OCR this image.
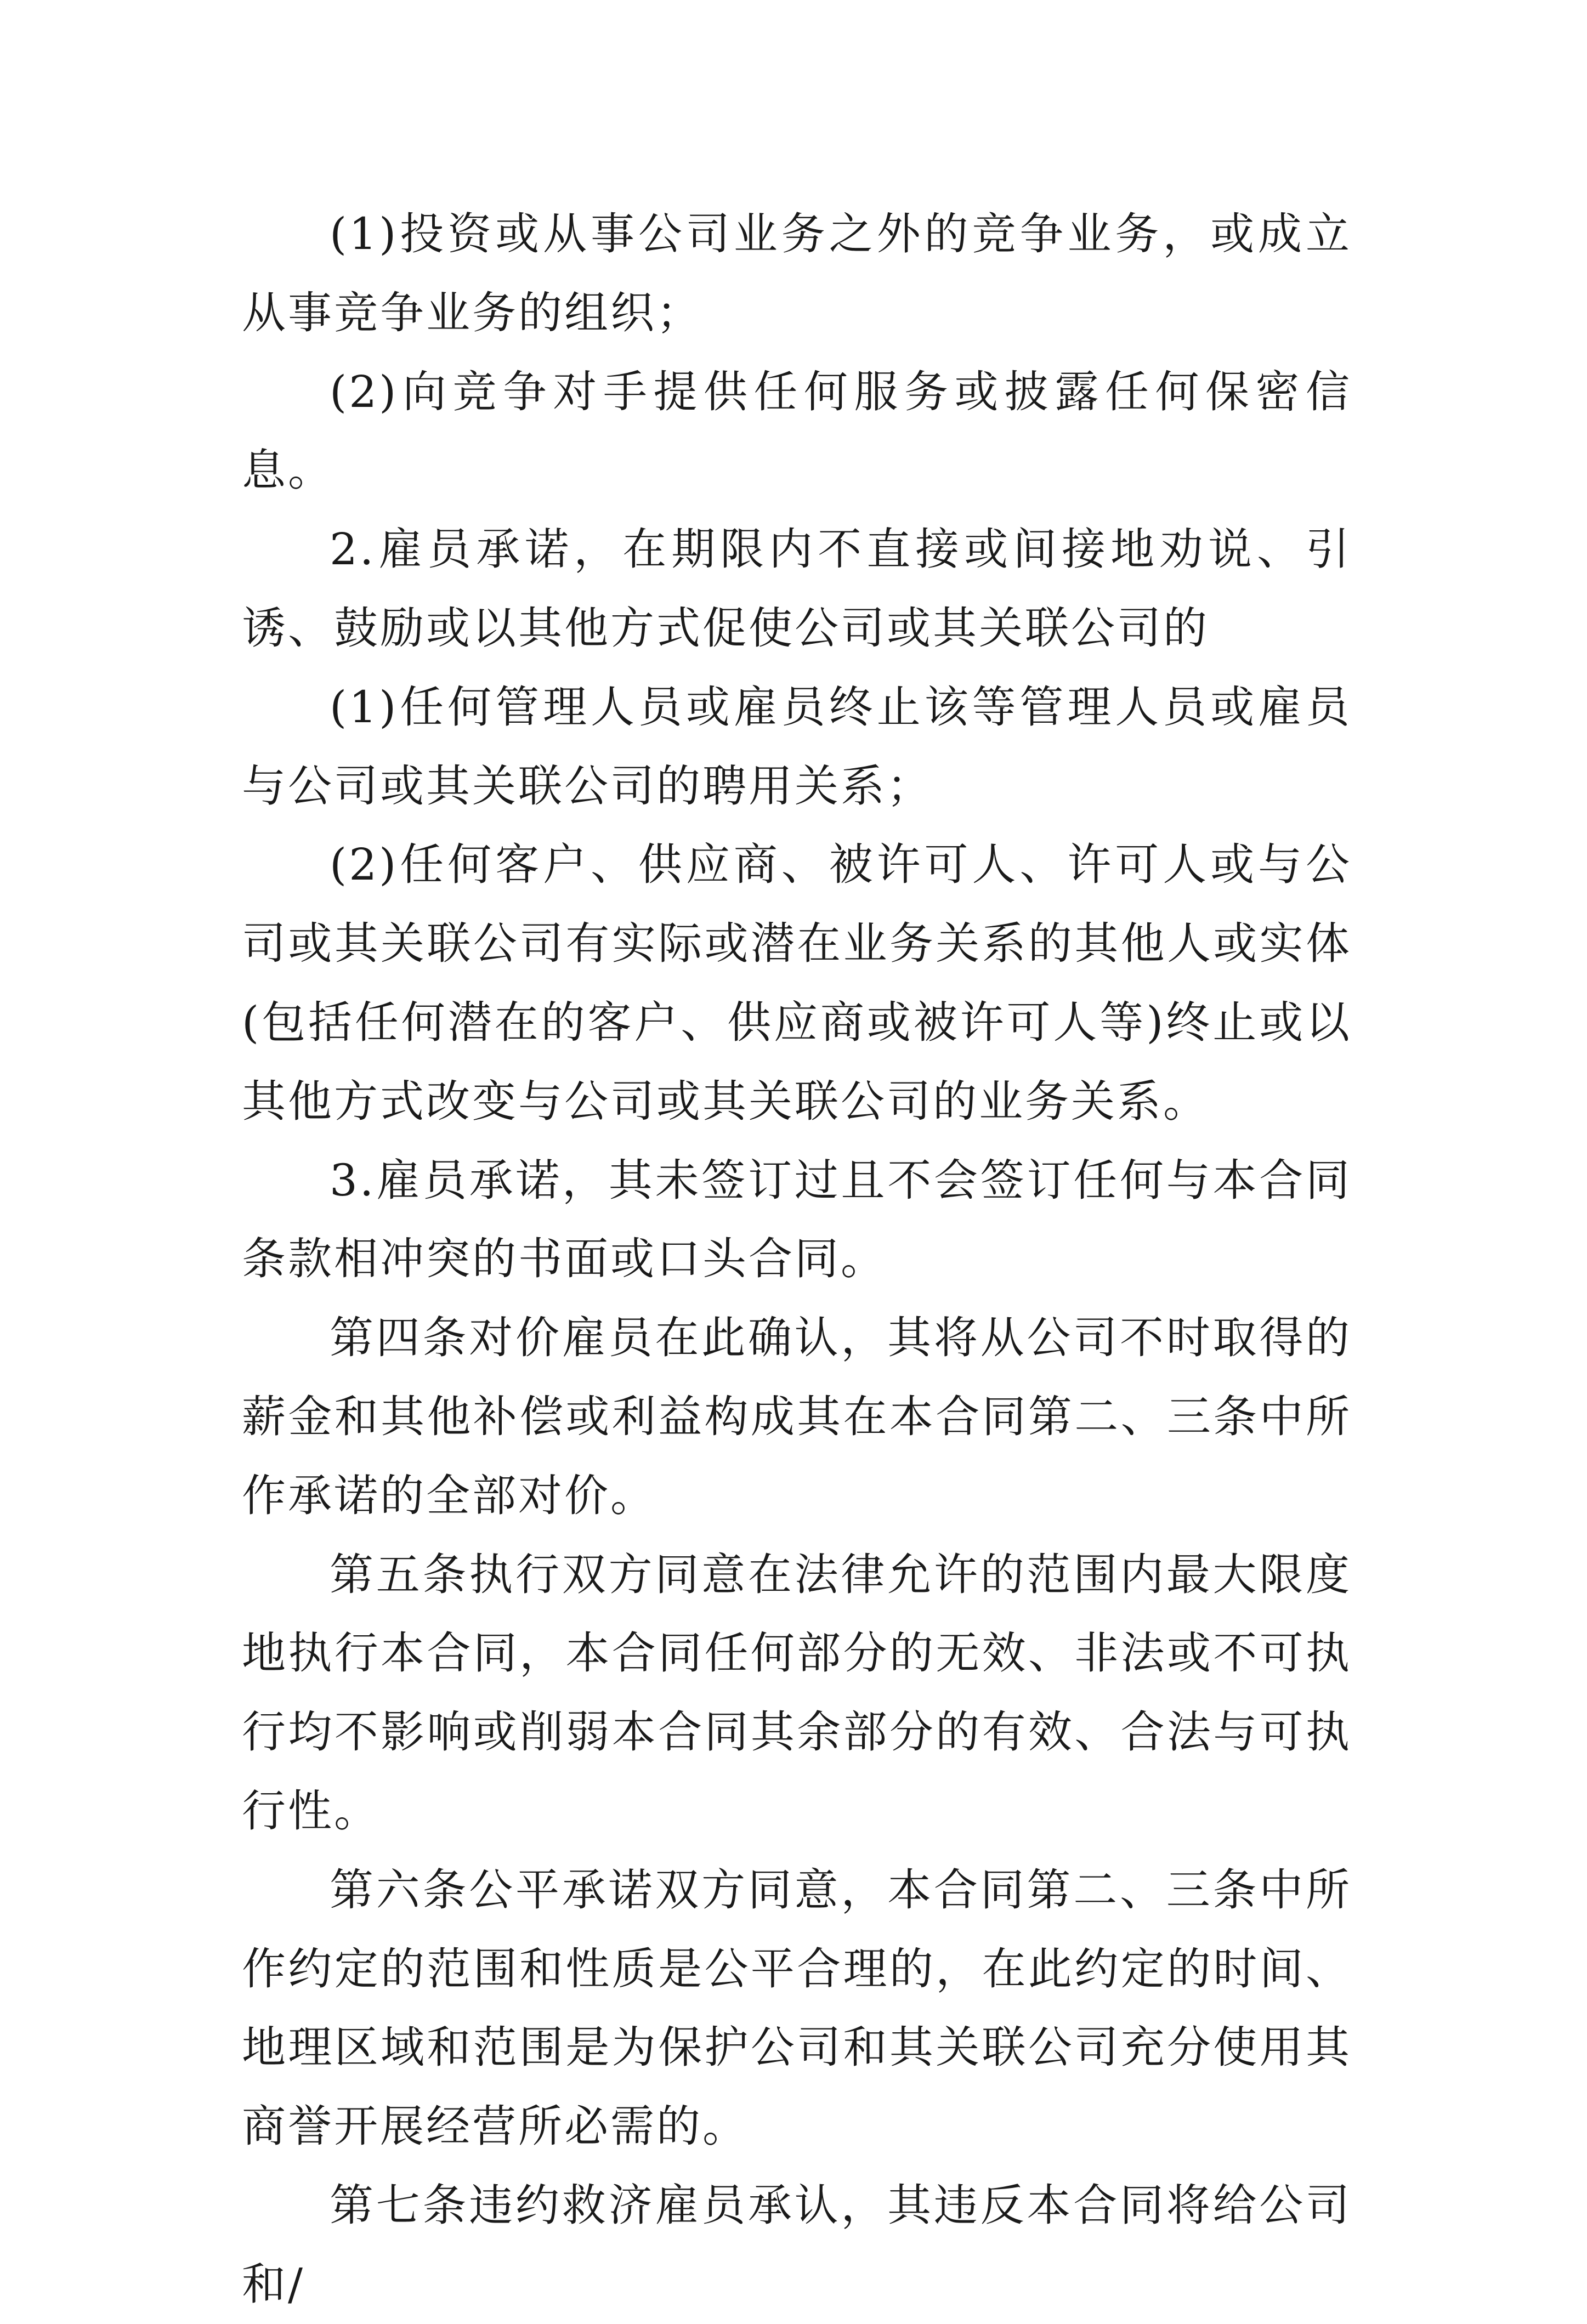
(1)投资或从事公司业务之外的竞争业务，或成立从事竞争业务的组织；

(2)向竞争对手提供任何服务或披露任何保密信息。

2.雇员承诺，在期限内不直接或间接地劝说、引诱、鼓励或以其他方式促使公司或其关联公司的

(1)任何管理人员或雇员终止该等管理人员或雇员与公司或其关联公司的聘用关系；

(2)任何客户、供应商、被许可人、许可人或与公司或其关联公司有实际或潜在业务关系的其他人或实体(包括任何潜在的客户、供应商或被许可人等)终止或以其他方式改变与公司或其关联公司的业务关系。

3.雇员承诺，其未签订过且不会签订任何与本合同条款相冲突的书面或口头合同。

第四条对价雇员在此确认，其将从公司不时取得的薪金和其他补偿或利益构成其在本合同第二、三条中所作承诺的全部对价。

第五条执行双方同意在法律允许的范围内最大限度地执行本合同，本合同任何部分的无效、非法或不可执行均不影响或削弱本合同其余部分的有效、合法与可执行性。

第六条公平承诺双方同意，本合同第二、三条中所作约定的范围和性质是公平合理的，在此约定的时间、地理区域和范围是为保护公司和其关联公司充分使用其商誉开展经营所必需的。

第七条违约救济雇员承认，其违反本合同将给公司和/
